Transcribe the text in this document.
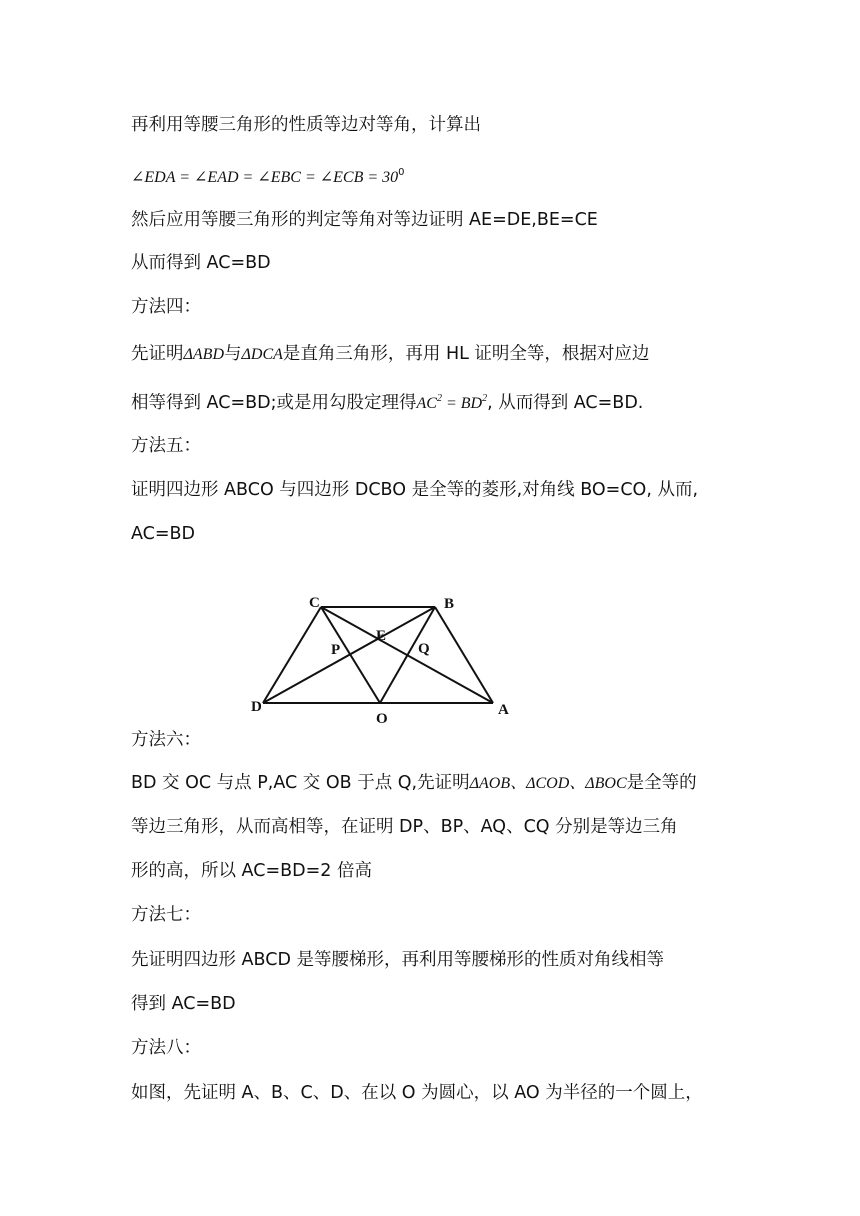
再利用等腰三角形的性质等边对等角，计算出
∠EDA = ∠EAD = ∠EBC = ∠ECB = $30^0$
然后应用等腰三角形的判定等角对等边证明 AE=DE,BE=CE
从而得到 AC=BD
方法四：
先证明ΔABD与ΔDCA是直角三角形，再用 HL 证明全等，根据对应边
相等得到 AC=BD;或是用勾股定理得$AC^2 = BD^2$, 从而得到 AC=BD.
方法五：
证明四边形 ABCO 与四边形 DCBO 是全等的菱形,对角线 BO=CO, 从而,
AC=BD
C	B
E
P	Q
D
O
A
方法六：
BD 交 OC 与点 P,AC 交 OB 于点 Q,先证明ΔAOB、ΔCOD、ΔBOC是全等的
等边三角形，从而高相等，在证明 DP、BP、AQ、CQ 分别是等边三角
形的高，所以 AC=BD=2 倍高
方法七：
先证明四边形 ABCD 是等腰梯形，再利用等腰梯形的性质对角线相等
得到 AC=BD
方法八：
如图，先证明 A、B、C、D、在以 O 为圆心，以 AO 为半径的一个圆上，
